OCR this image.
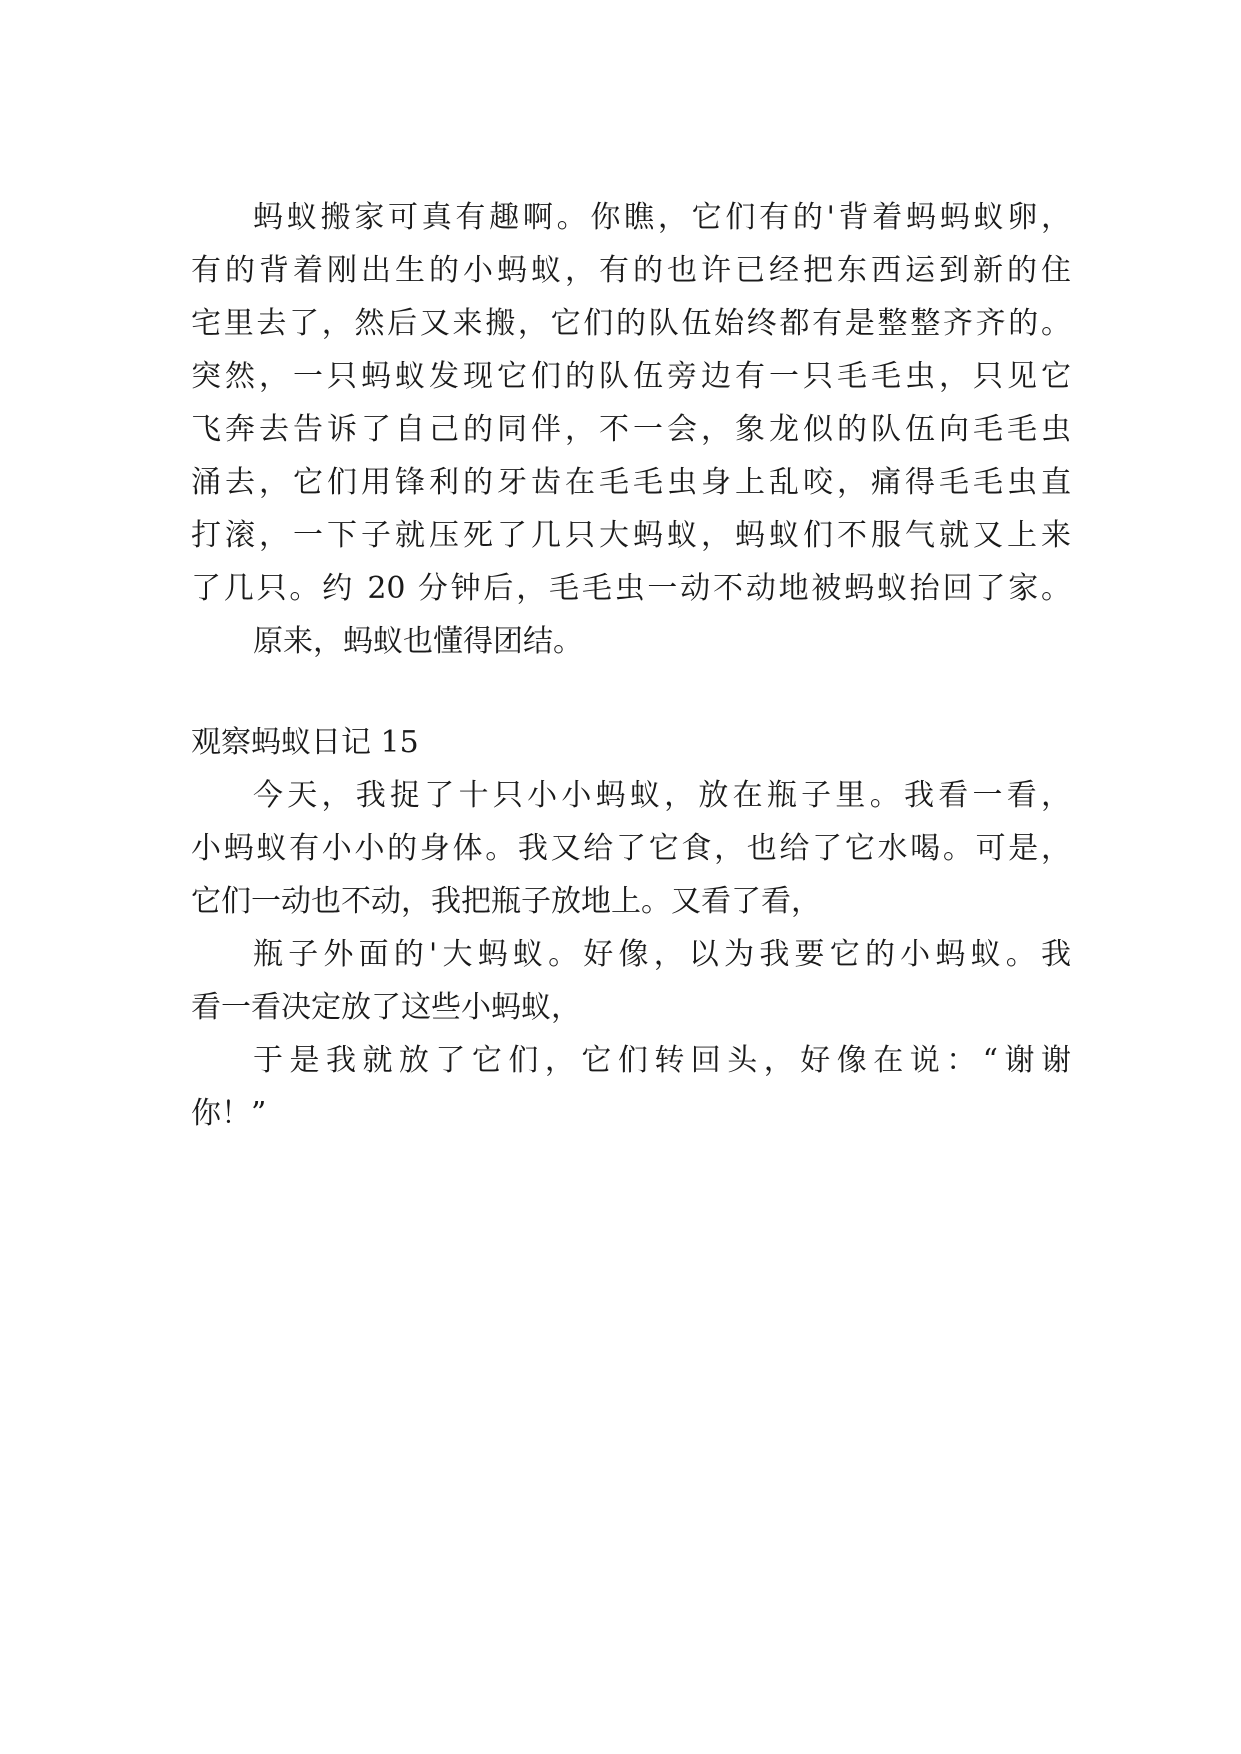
蚂蚁搬家可真有趣啊。你瞧，它们有的'背着蚂蚂蚁卵，
有的背着刚出生的小蚂蚁，有的也许已经把东西运到新的住
宅里去了，然后又来搬，它们的队伍始终都有是整整齐齐的。
突然，一只蚂蚁发现它们的队伍旁边有一只毛毛虫，只见它
飞奔去告诉了自己的同伴，不一会，象龙似的队伍向毛毛虫
涌去，它们用锋利的牙齿在毛毛虫身上乱咬，痛得毛毛虫直
打滚，一下子就压死了几只大蚂蚁，蚂蚁们不服气就又上来
了几只。约 20 分钟后，毛毛虫一动不动地被蚂蚁抬回了家。
原来，蚂蚁也懂得团结。
观察蚂蚁日记 15
今天，我捉了十只小小蚂蚁，放在瓶子里。我看一看，
小蚂蚁有小小的身体。我又给了它食，也给了它水喝。可是，
它们一动也不动，我把瓶子放地上。又看了看，
瓶子外面的'大蚂蚁。好像，以为我要它的小蚂蚁。我
看一看决定放了这些小蚂蚁，
于是我就放了它们，它们转回头，好像在说：“谢谢
你！”
